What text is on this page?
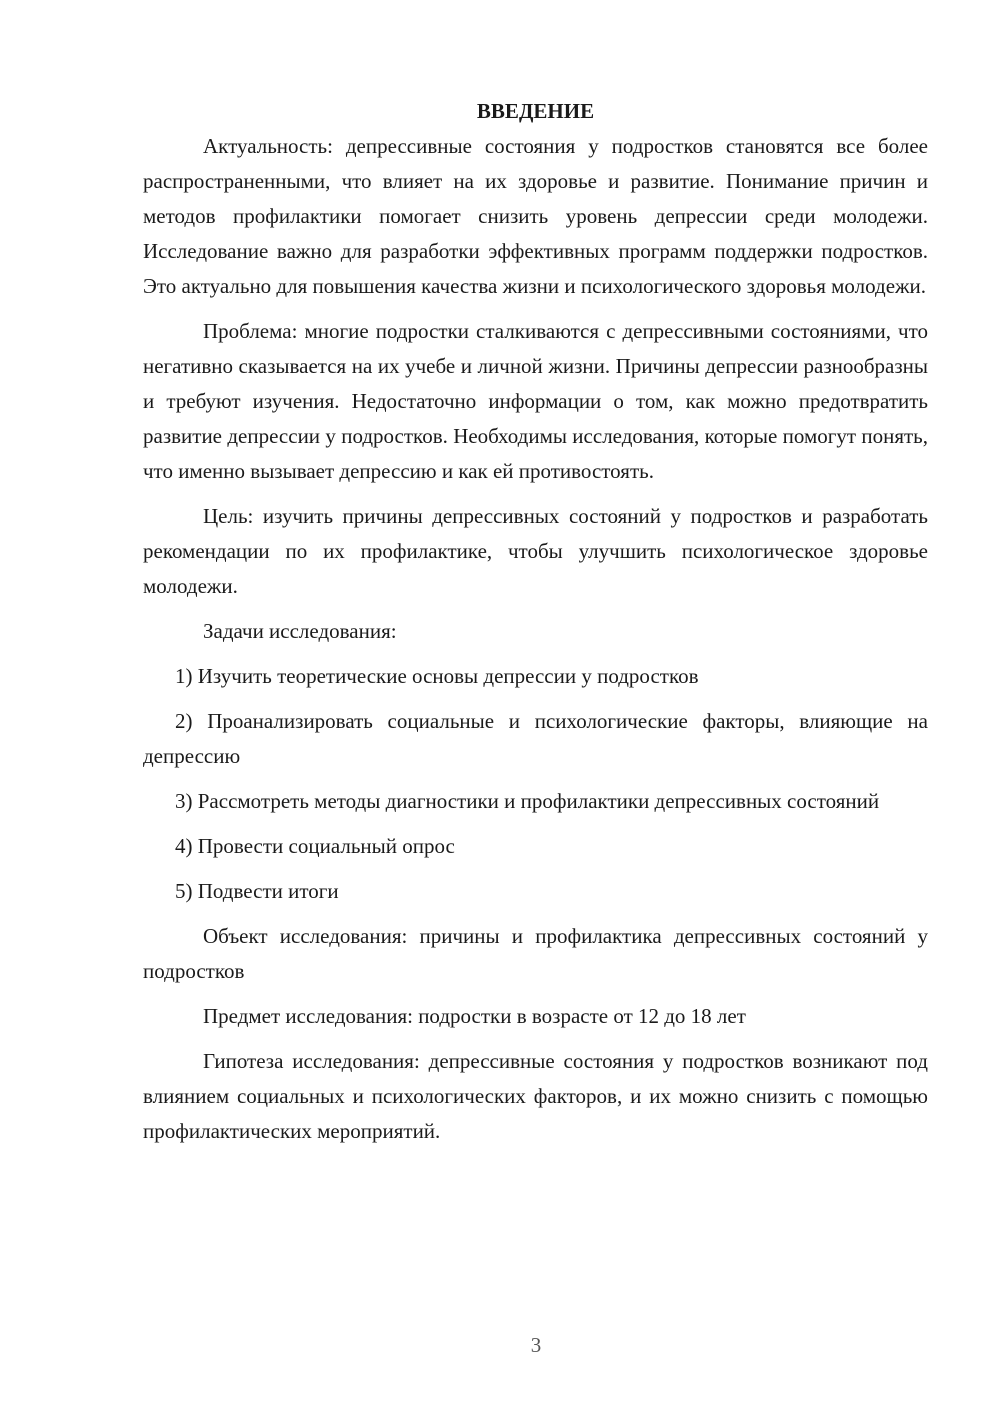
ВВЕДЕНИЕ

Актуальность: депрессивные состояния у подростков становятся все более распространенными, что влияет на их здоровье и развитие. Понимание причин и методов профилактики помогает снизить уровень депрессии среди молодежи. Исследование важно для разработки эффективных программ поддержки подростков. Это актуально для повышения качества жизни и психологического здоровья молодежи.

Проблема: многие подростки сталкиваются с депрессивными состояниями, что негативно сказывается на их учебе и личной жизни. Причины депрессии разнообразны и требуют изучения. Недостаточно информации о том, как можно предотвратить развитие депрессии у подростков. Необходимы исследования, которые помогут понять, что именно вызывает депрессию и как ей противостоять.

Цель: изучить причины депрессивных состояний у подростков и разработать рекомендации по их профилактике, чтобы улучшить психологическое здоровье молодежи.

Задачи исследования:

1) Изучить теоретические основы депрессии у подростков

2) Проанализировать социальные и психологические факторы, влияющие на депрессию

3) Рассмотреть методы диагностики и профилактики депрессивных состояний

4) Провести социальный опрос

5) Подвести итоги

Объект исследования: причины и профилактика депрессивных состояний у подростков

Предмет исследования: подростки в возрасте от 12 до 18 лет

Гипотеза исследования: депрессивные состояния у подростков возникают под влиянием социальных и психологических факторов, и их можно снизить с помощью профилактических мероприятий.

3
